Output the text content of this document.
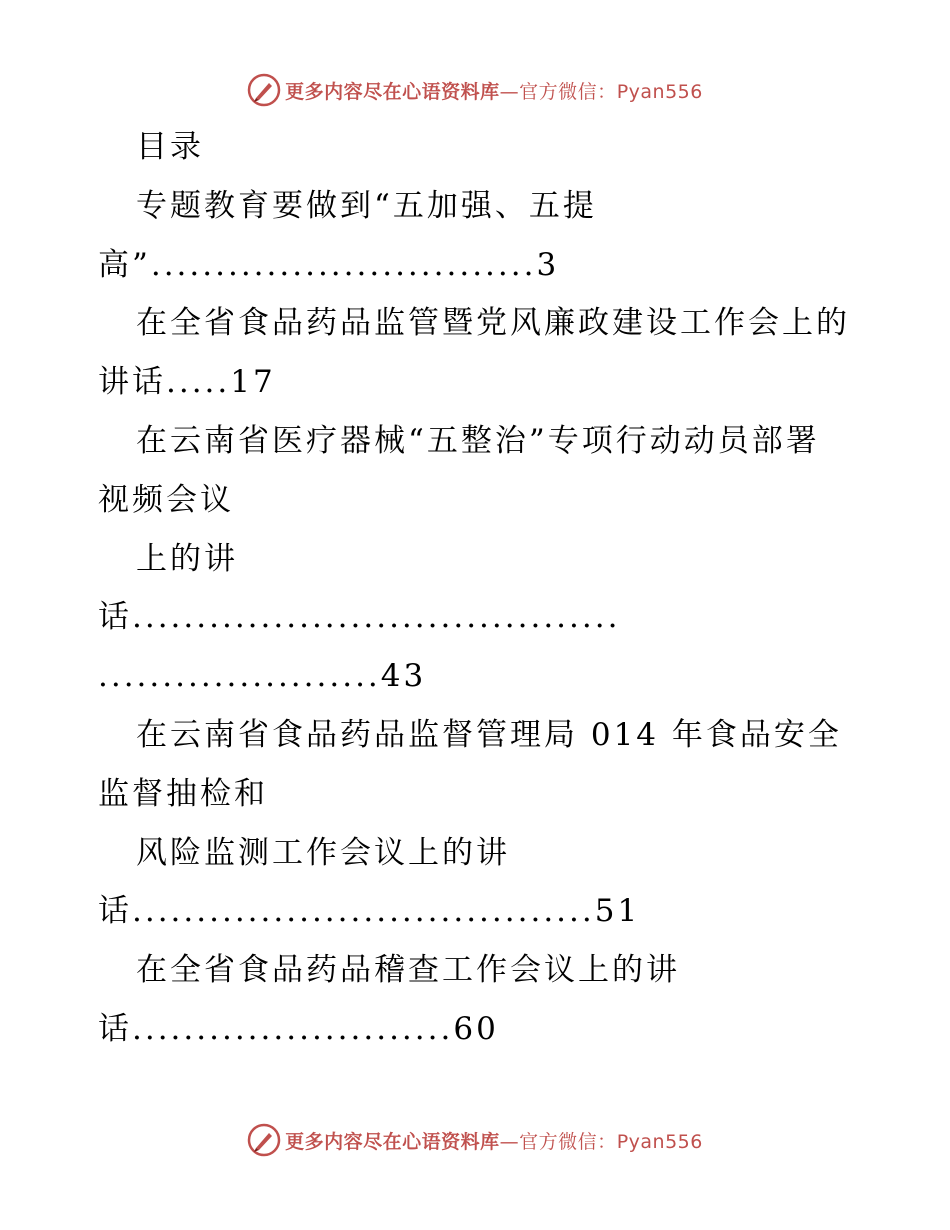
更多内容尽在心语资料库—官方微信：Pyan556
目录
专题教育要做到“五加强、五提
高”..............................3
在全省食品药品监管暨党风廉政建设工作会上的
讲话.....17
在云南省医疗器械“五整治”专项行动动员部署
视频会议
上的讲
话......................................
......................43
在云南省食品药品监督管理局 014 年食品安全
监督抽检和
风险监测工作会议上的讲
话....................................51
在全省食品药品稽查工作会议上的讲
话.........................60
更多内容尽在心语资料库—官方微信：Pyan556
